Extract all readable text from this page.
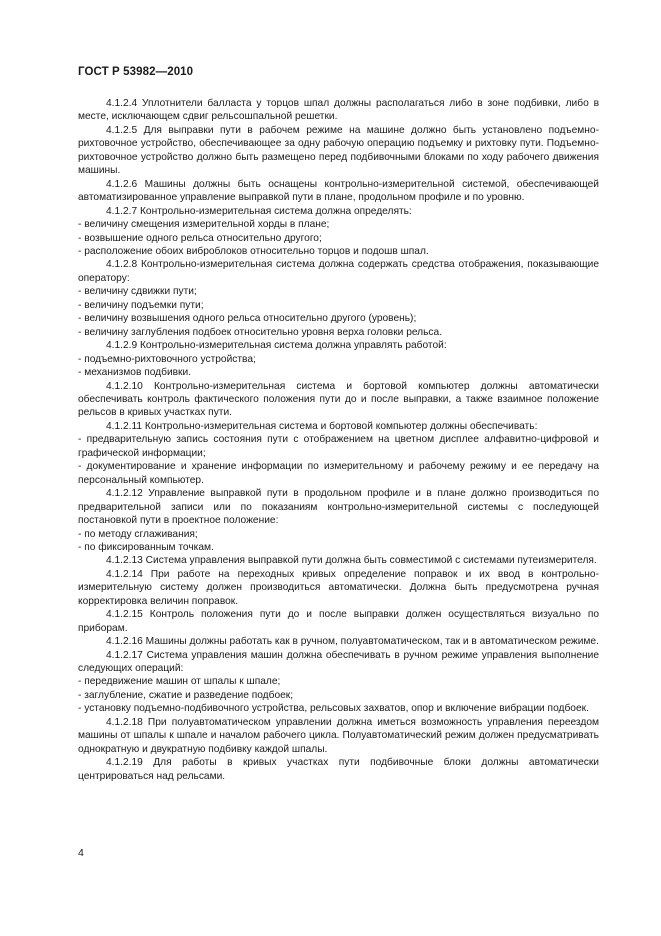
ГОСТ Р 53982—2010

4.1.2.4 Уплотнители балласта у торцов шпал должны располагаться либо в зоне подбивки, либо в месте, исключающем сдвиг рельсошпальной решетки.

4.1.2.5 Для выправки пути в рабочем режиме на машине должно быть установлено подъемно-рихтовочное устройство, обеспечивающее за одну рабочую операцию подъемку и рихтовку пути. Подъемно-рихтовочное устройство должно быть размещено перед подбивочными блоками по ходу рабочего движения машины.

4.1.2.6 Машины должны быть оснащены контрольно-измерительной системой, обеспечивающей автоматизированное управление выправкой пути в плане, продольном профиле и по уровню.

4.1.2.7 Контрольно-измерительная система должна определять:

- величину смещения измерительной хорды в плане;

- возвышение одного рельса относительно другого;

- расположение обоих виброблоков относительно торцов и подошв шпал.

4.1.2.8 Контрольно-измерительная система должна содержать средства отображения, показывающие оператору:

- величину сдвижки пути;

- величину подъемки пути;

- величину возвышения одного рельса относительно другого (уровень);

- величину заглубления подбоек относительно уровня верха головки рельса.

4.1.2.9 Контрольно-измерительная система должна управлять работой:

- подъемно-рихтовочного устройства;

- механизмов подбивки.

4.1.2.10 Контрольно-измерительная система и бортовой компьютер должны автоматически обеспечивать контроль фактического положения пути до и после выправки, а также взаимное положение рельсов в кривых участках пути.

4.1.2.11 Контрольно-измерительная система и бортовой компьютер должны обеспечивать:

- предварительную запись состояния пути с отображением на цветном дисплее алфавитно-цифровой и графической информации;

- документирование и хранение информации по измерительному и рабочему режиму и ее передачу на персональный компьютер.

4.1.2.12 Управление выправкой пути в продольном профиле и в плане должно производиться по предварительной записи или по показаниям контрольно-измерительной системы с последующей постановкой пути в проектное положение:

- по методу сглаживания;

- по фиксированным точкам.

4.1.2.13 Система управления выправкой пути должна быть совместимой с системами путеизмерителя.

4.1.2.14 При работе на переходных кривых определение поправок и их ввод в контрольно-измерительную систему должен производиться автоматически. Должна быть предусмотрена ручная корректировка величин поправок.

4.1.2.15 Контроль положения пути до и после выправки должен осуществляться визуально по приборам.

4.1.2.16 Машины должны работать как в ручном, полуавтоматическом, так и в автоматическом режиме.

4.1.2.17 Система управления машин должна обеспечивать в ручном режиме управления выполнение следующих операций:

- передвижение машин от шпалы к шпале;

- заглубление, сжатие и разведение подбоек;

- установку подъемно-подбивочного устройства, рельсовых захватов, опор и включение вибрации подбоек.

4.1.2.18 При полуавтоматическом управлении должна иметься возможность управления переездом машины от шпалы к шпале и началом рабочего цикла. Полуавтоматический режим должен предусматривать однократную и двукратную подбивку каждой шпалы.

4.1.2.19 Для работы в кривых участках пути подбивочные блоки должны автоматически центрироваться над рельсами.

4
